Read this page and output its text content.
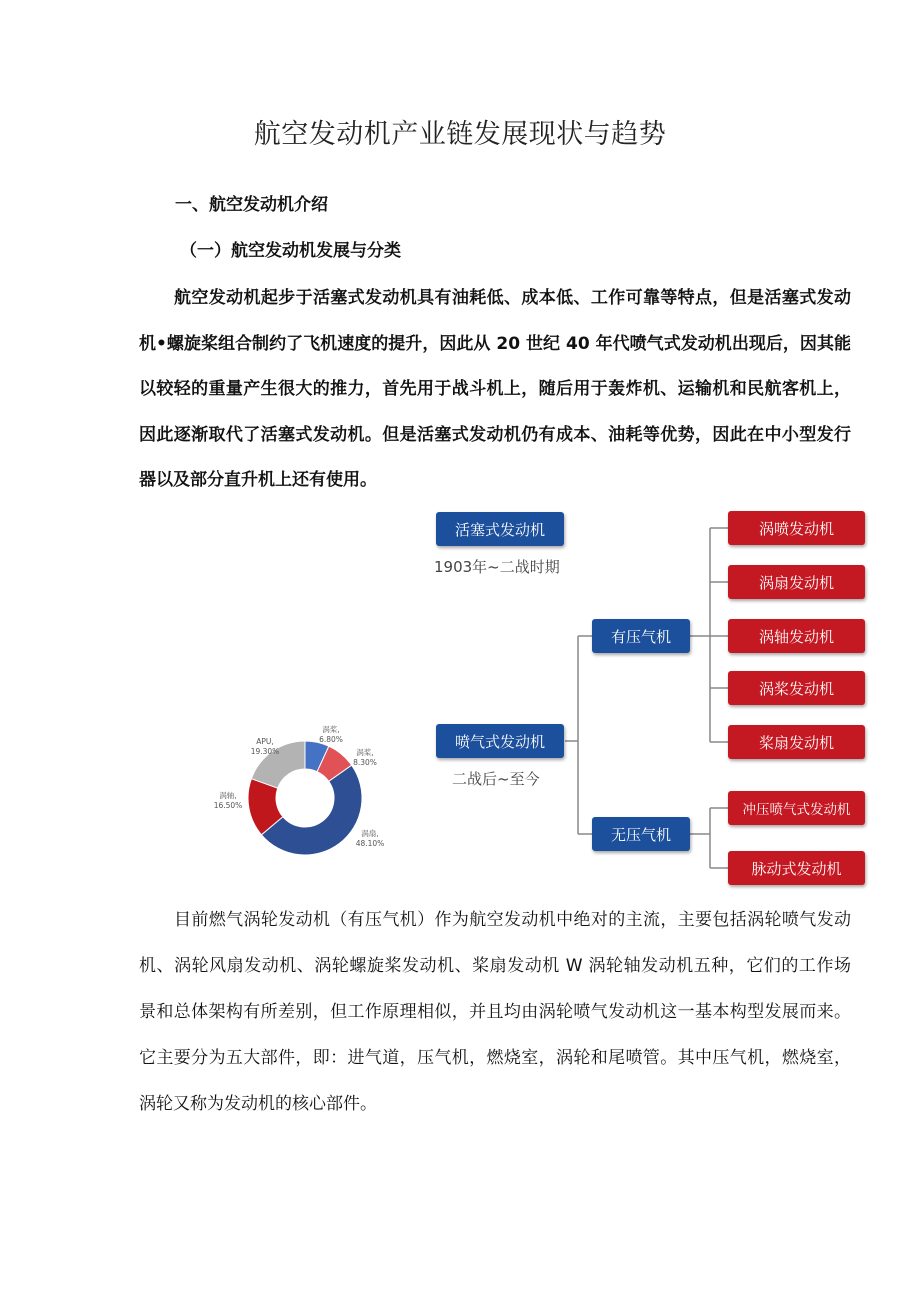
航空发动机产业链发展现状与趋势
一、航空发动机介绍
（一）航空发动机发展与分类
航空发动机起步于活塞式发动机具有油耗低、成本低、工作可靠等特点，但是活塞式发动
机•螺旋桨组合制约了飞机速度的提升，因此从 20 世纪 40 年代喷气式发动机出现后，因其能
以较轻的重量产生很大的推力，首先用于战斗机上，随后用于轰炸机、运输机和民航客机上，
因此逐渐取代了活塞式发动机。但是活塞式发动机仍有成本、油耗等优势，因此在中小型发行
器以及部分直升机上还有使用。
活塞式发动机
1903年~二战时期
喷气式发动机
二战后~至今
有压气机
无压气机
涡喷发动机
涡扇发动机
涡轴发动机
涡桨发动机
桨扇发动机
冲压喷气式发动机
脉动式发动机
涡桨, 6.80%
涡桨, 8.30%
涡扇, 48.10%
涡轴, 16.50%
APU, 19.30%
目前燃气涡轮发动机（有压气机）作为航空发动机中绝对的主流，主要包括涡轮喷气发动
机、涡轮风扇发动机、涡轮螺旋桨发动机、桨扇发动机 W 涡轮轴发动机五种，它们的工作场
景和总体架构有所差别，但工作原理相似，并且均由涡轮喷气发动机这一基本构型发展而来。
它主要分为五大部件，即：进气道，压气机，燃烧室，涡轮和尾喷管。其中压气机，燃烧室，
涡轮又称为发动机的核心部件。
